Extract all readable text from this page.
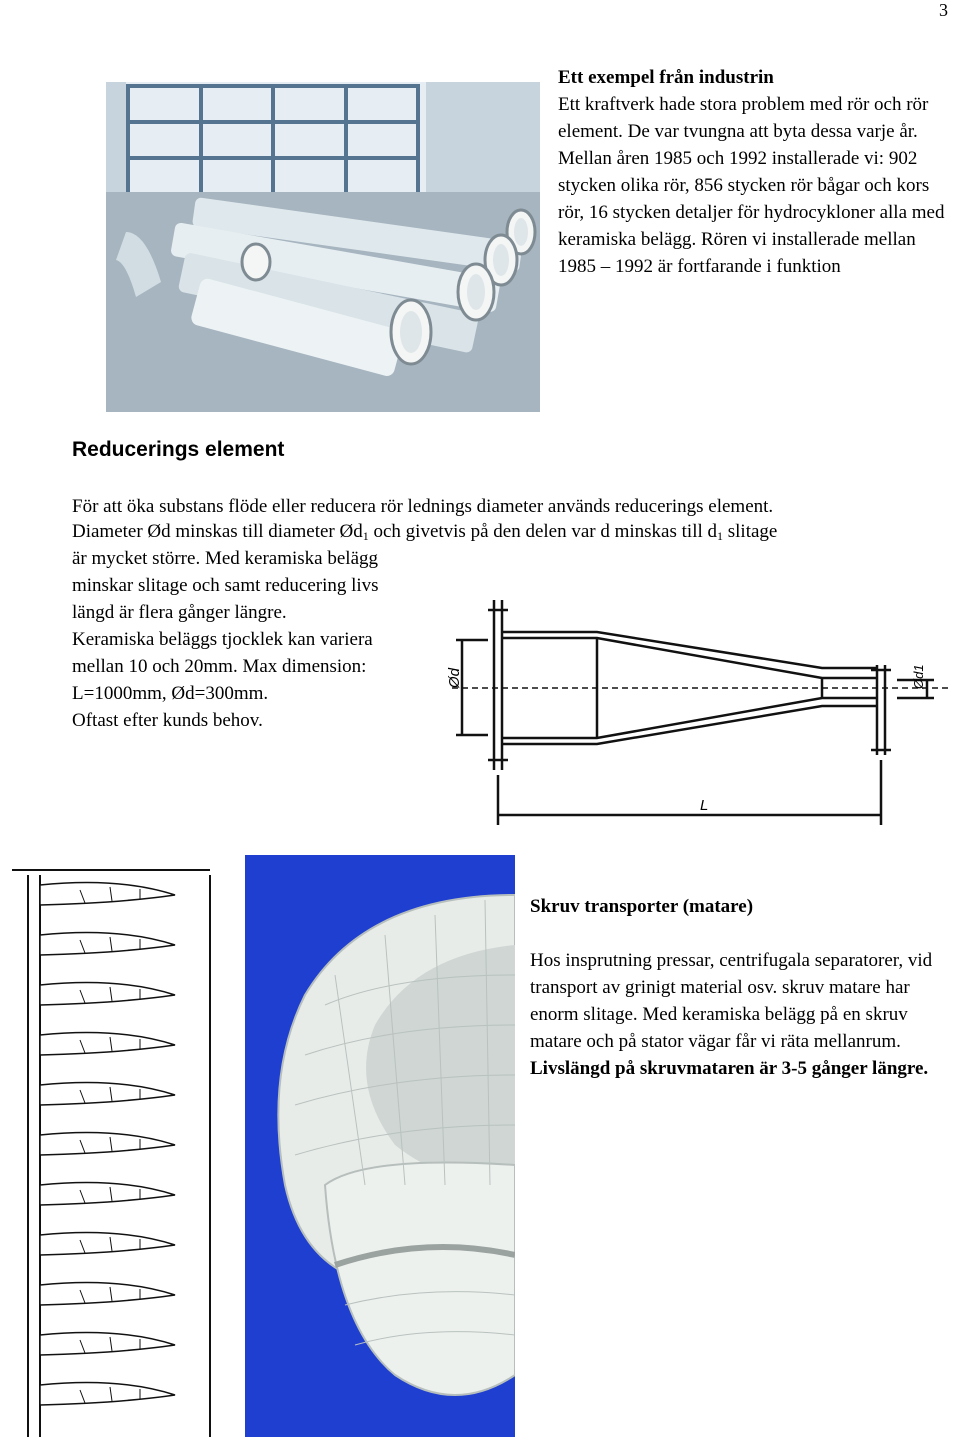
3
Ett exempel från industrin
Ett kraftverk hade stora problem med rör och rör element. De var tvungna att byta dessa varje år. Mellan åren 1985 och 1992 installerade vi: 902 stycken olika rör, 856 stycken rör bågar och kors rör, 16 stycken detaljer för hydrocykloner alla med keramiska belägg. Rören vi installerade mellan 1985 – 1992 är fortfarande i funktion
Reducerings element
För att öka substans flöde eller reducera rör lednings diameter används reducerings element.
Diameter Ød minskas till diameter $Ød_1$ och givetvis på den delen var d minskas till $d_1$ slitage
är mycket större. Med keramiska belägg minskar slitage och samt reducering livs längd är flera gånger längre.
Keramiska beläggs tjocklek kan variera mellan 10 och 20mm. Max dimension: L=1000mm, Ød=300mm.
Oftast efter kunds behov.
Ød	Ød1
L
Skruv transporter (matare)
Hos insprutning pressar, centrifugala separatorer, vid transport av grinigt material osv. skruv matare har enorm slitage. Med keramiska belägg på en skruv matare och på stator vägar får vi räta mellanrum.
Livslängd på skruvmataren är 3-5 gånger längre.
